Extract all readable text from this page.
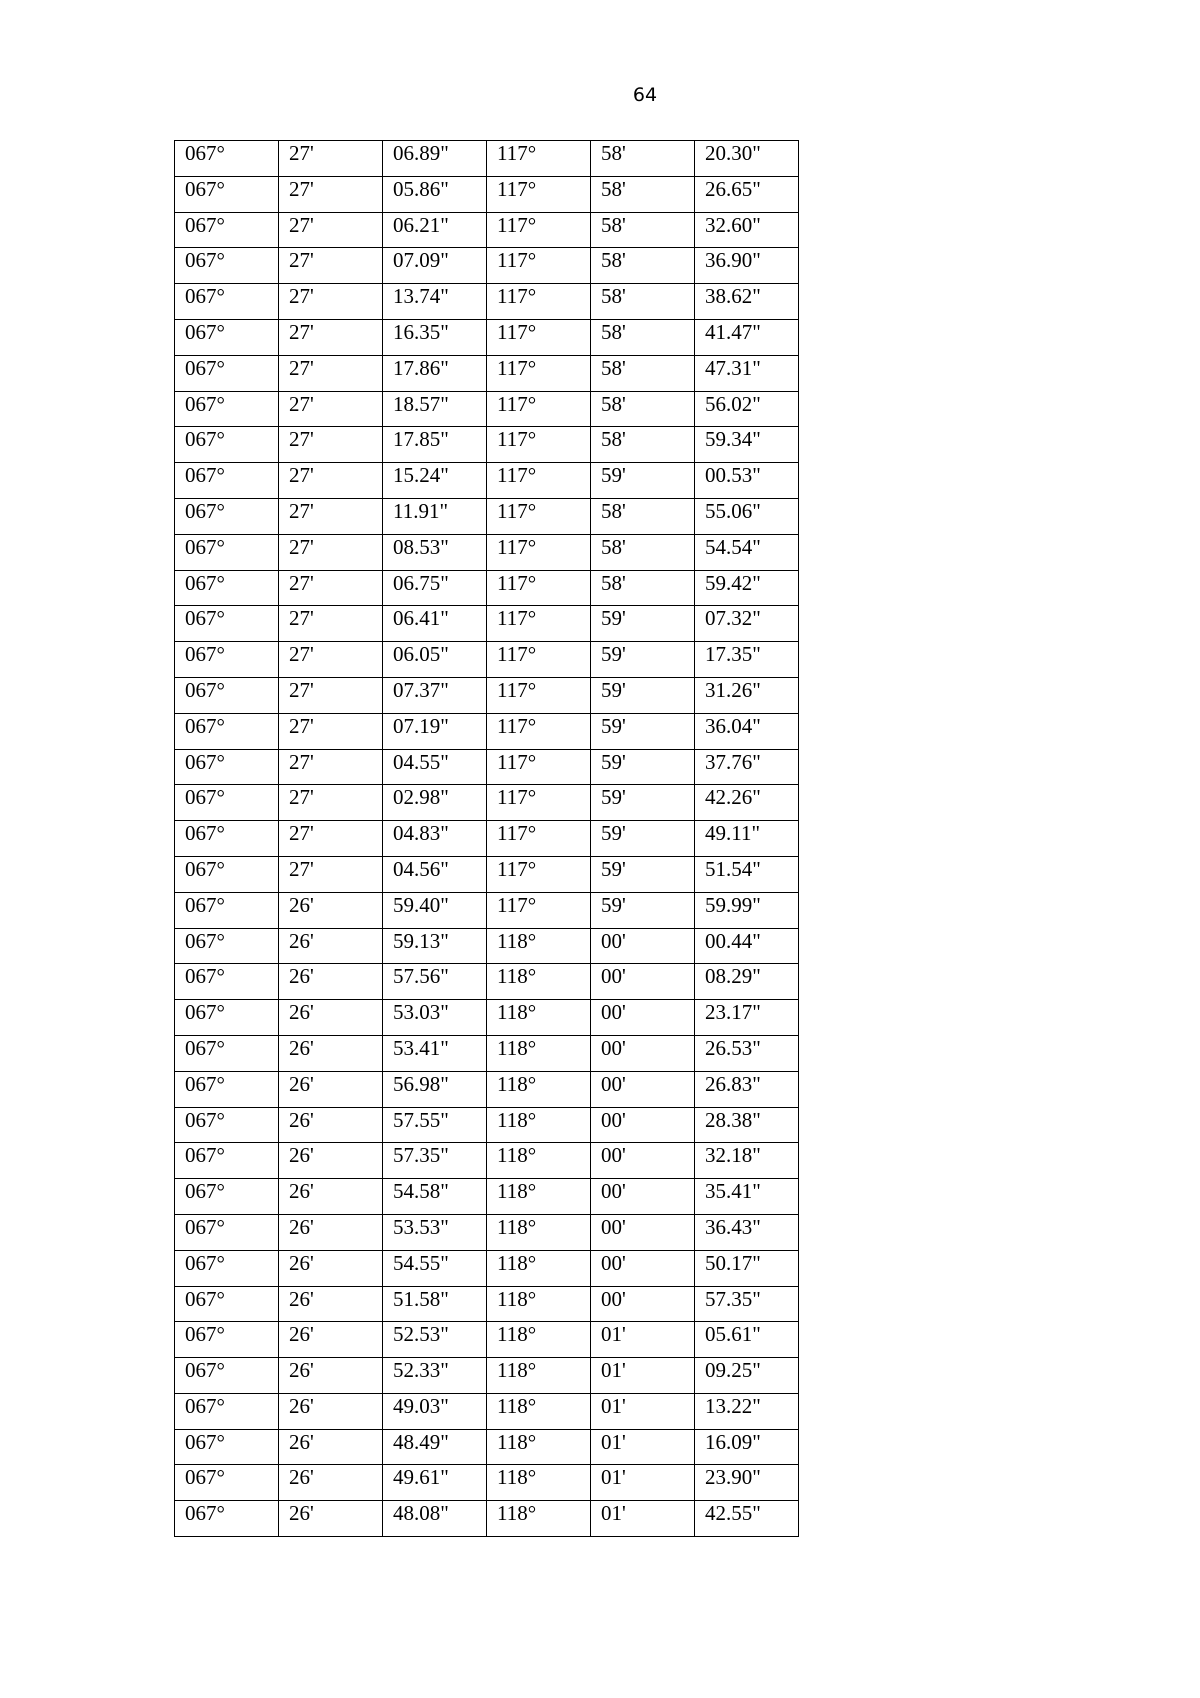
64
067°	27'	06.89"	117°	58'	20.30"
067°	27'	05.86"	117°	58'	26.65"
067°	27'	06.21"	117°	58'	32.60"
067°	27'	07.09"	117°	58'	36.90"
067°	27'	13.74"	117°	58'	38.62"
067°	27'	16.35"	117°	58'	41.47"
067°	27'	17.86"	117°	58'	47.31"
067°	27'	18.57"	117°	58'	56.02"
067°	27'	17.85"	117°	58'	59.34"
067°	27'	15.24"	117°	59'	00.53"
067°	27'	11.91"	117°	58'	55.06"
067°	27'	08.53"	117°	58'	54.54"
067°	27'	06.75"	117°	58'	59.42"
067°	27'	06.41"	117°	59'	07.32"
067°	27'	06.05"	117°	59'	17.35"
067°	27'	07.37"	117°	59'	31.26"
067°	27'	07.19"	117°	59'	36.04"
067°	27'	04.55"	117°	59'	37.76"
067°	27'	02.98"	117°	59'	42.26"
067°	27'	04.83"	117°	59'	49.11"
067°	27'	04.56"	117°	59'	51.54"
067°	26'	59.40"	117°	59'	59.99"
067°	26'	59.13"	118°	00'	00.44"
067°	26'	57.56"	118°	00'	08.29"
067°	26'	53.03"	118°	00'	23.17"
067°	26'	53.41"	118°	00'	26.53"
067°	26'	56.98"	118°	00'	26.83"
067°	26'	57.55"	118°	00'	28.38"
067°	26'	57.35"	118°	00'	32.18"
067°	26'	54.58"	118°	00'	35.41"
067°	26'	53.53"	118°	00'	36.43"
067°	26'	54.55"	118°	00'	50.17"
067°	26'	51.58"	118°	00'	57.35"
067°	26'	52.53"	118°	01'	05.61"
067°	26'	52.33"	118°	01'	09.25"
067°	26'	49.03"	118°	01'	13.22"
067°	26'	48.49"	118°	01'	16.09"
067°	26'	49.61"	118°	01'	23.90"
067°	26'	48.08"	118°	01'	42.55"
